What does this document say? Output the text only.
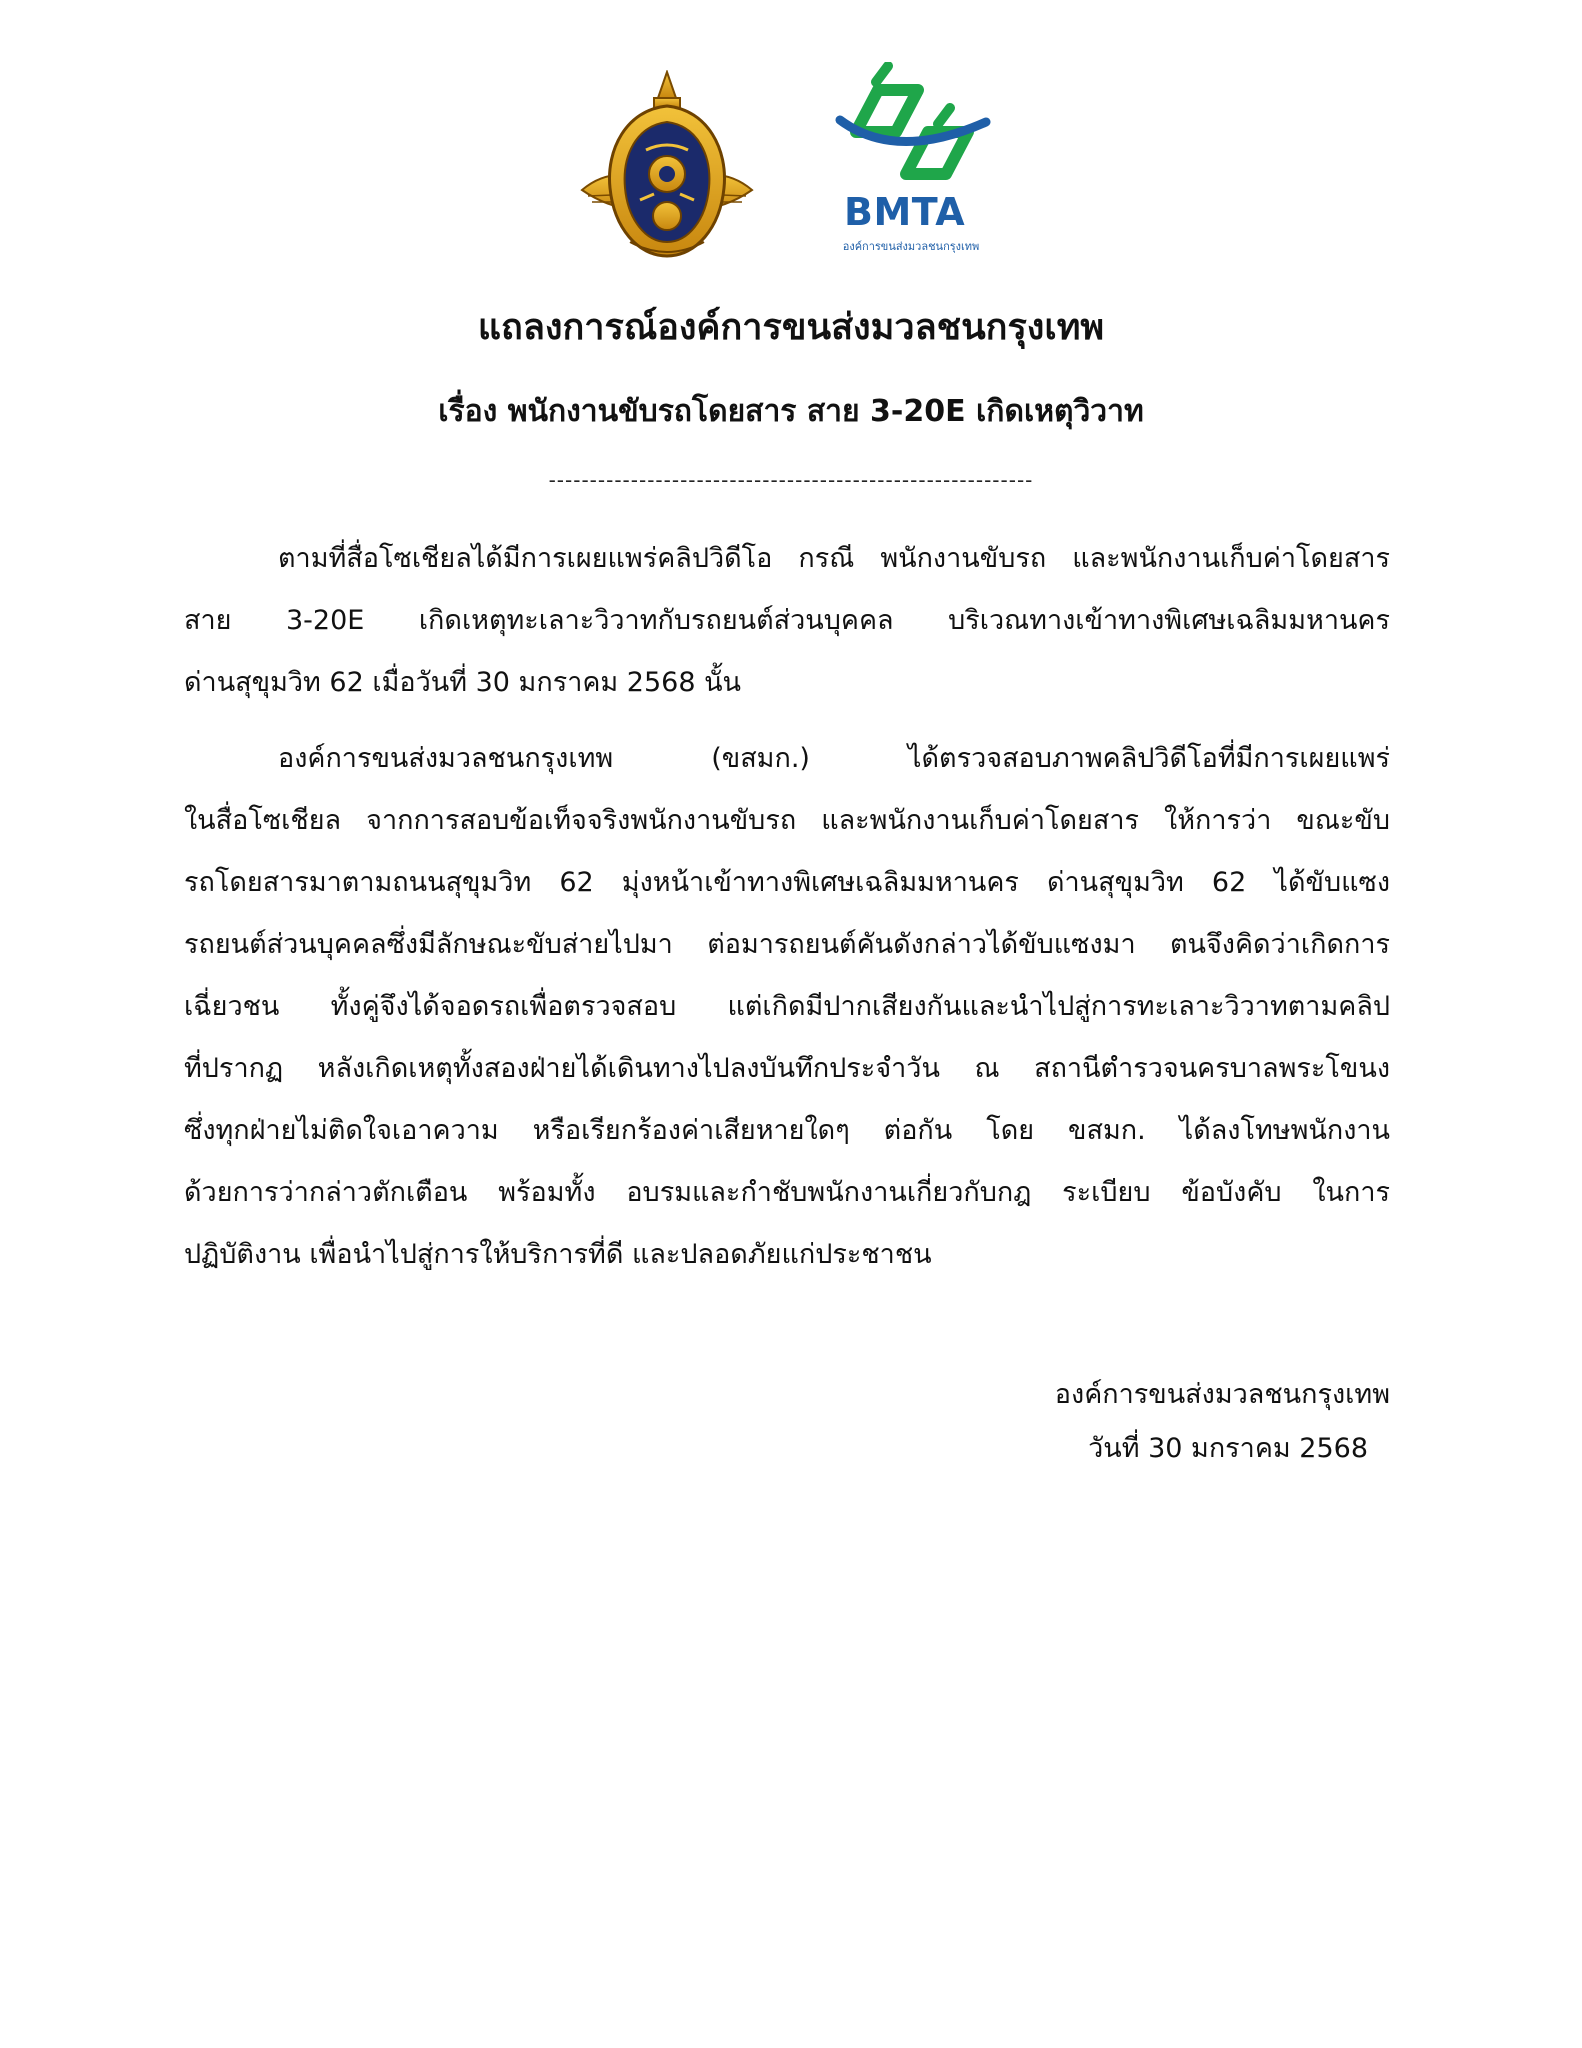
BMTA
องค์การขนส่งมวลชนกรุงเทพ
แถลงการณ์องค์การขนส่งมวลชนกรุงเทพ
เรื่อง พนักงานขับรถโดยสาร สาย 3-20E เกิดเหตุวิวาท
-----------------------------------------------------------
ตามที่สื่อโซเชียลได้มีการเผยแพร่คลิปวิดีโอ กรณี พนักงานขับรถ และพนักงานเก็บค่าโดยสาร
สาย 3-20E เกิดเหตุทะเลาะวิวาทกับรถยนต์ส่วนบุคคล บริเวณทางเข้าทางพิเศษเฉลิมมหานคร
ด่านสุขุมวิท 62 เมื่อวันที่ 30 มกราคม 2568 นั้น
องค์การขนส่งมวลชนกรุงเทพ (ขสมก.) ได้ตรวจสอบภาพคลิปวิดีโอที่มีการเผยแพร่
ในสื่อโซเชียล จากการสอบข้อเท็จจริงพนักงานขับรถ และพนักงานเก็บค่าโดยสาร ให้การว่า ขณะขับ
รถโดยสารมาตามถนนสุขุมวิท 62 มุ่งหน้าเข้าทางพิเศษเฉลิมมหานคร ด่านสุขุมวิท 62 ได้ขับแซง
รถยนต์ส่วนบุคคลซึ่งมีลักษณะขับส่ายไปมา ต่อมารถยนต์คันดังกล่าวได้ขับแซงมา ตนจึงคิดว่าเกิดการ
เฉี่ยวชน ทั้งคู่จึงได้จอดรถเพื่อตรวจสอบ แต่เกิดมีปากเสียงกันและนำไปสู่การทะเลาะวิวาทตามคลิป
ที่ปรากฏ หลังเกิดเหตุทั้งสองฝ่ายได้เดินทางไปลงบันทึกประจำวัน ณ สถานีตำรวจนครบาลพระโขนง
ซึ่งทุกฝ่ายไม่ติดใจเอาความ หรือเรียกร้องค่าเสียหายใดๆ ต่อกัน โดย ขสมก. ได้ลงโทษพนักงาน
ด้วยการว่ากล่าวตักเตือน พร้อมทั้ง อบรมและกำชับพนักงานเกี่ยวกับกฎ ระเบียบ ข้อบังคับ ในการ
ปฏิบัติงาน เพื่อนำไปสู่การให้บริการที่ดี และปลอดภัยแก่ประชาชน
องค์การขนส่งมวลชนกรุงเทพ
วันที่ 30 มกราคม 2568
